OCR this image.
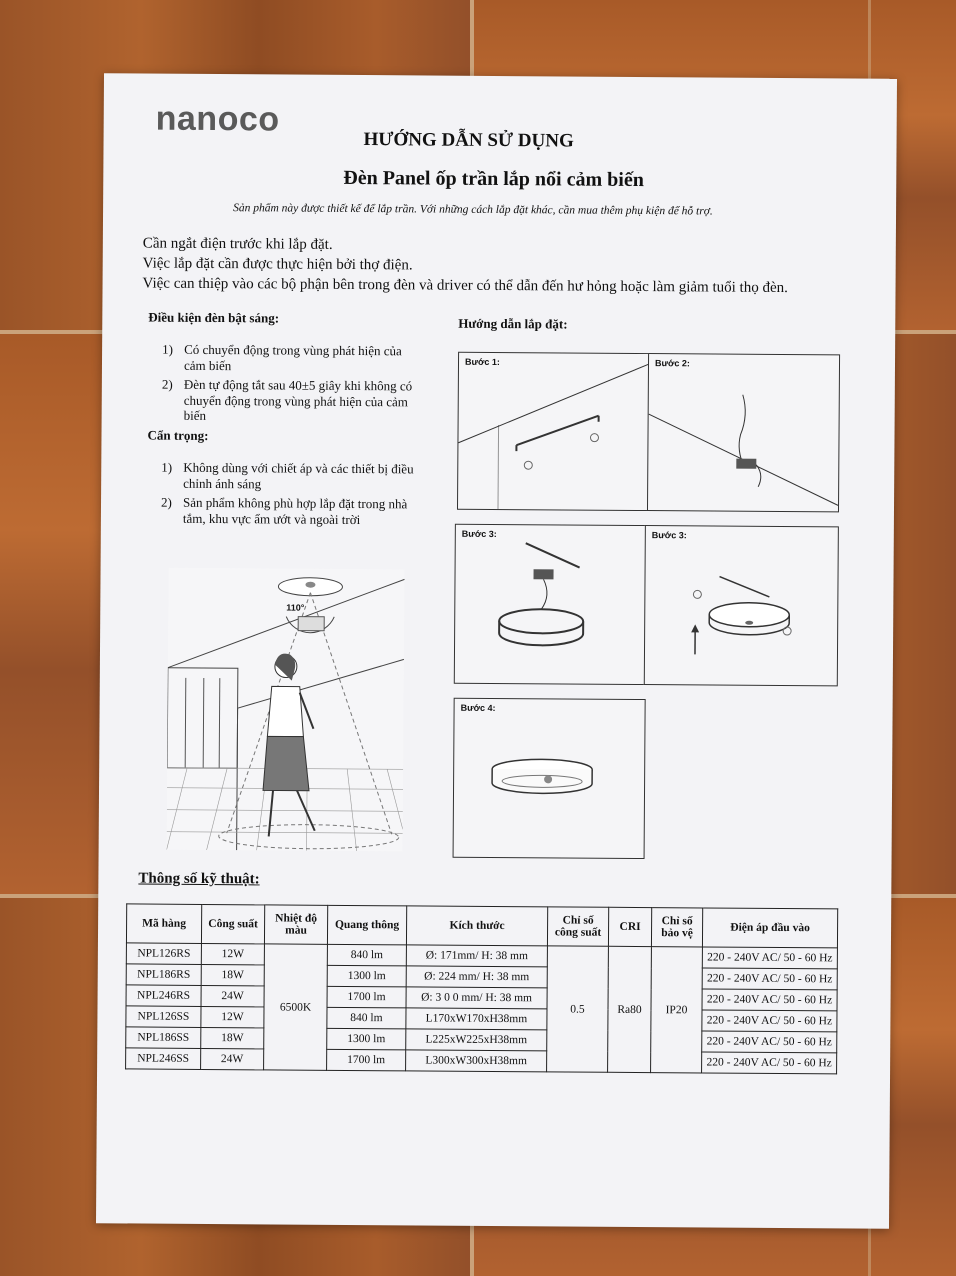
nanoco
HƯỚNG DẪN SỬ DỤNG
Đèn Panel ốp trần lắp nổi cảm biến
Sản phẩm này được thiết kế để lắp trần. Với những cách lắp đặt khác, cần mua thêm phụ kiện để hỗ trợ.
Cần ngắt điện trước khi lắp đặt.
Việc lắp đặt cần được thực hiện bởi thợ điện.
Việc can thiệp vào các bộ phận bên trong đèn và driver có thể dẫn đến hư hỏng hoặc làm giảm tuổi thọ đèn.
Điều kiện đèn bật sáng:
1) Có chuyển động trong vùng phát hiện của cảm biến
2) Đèn tự động tắt sau 40±5 giây khi không có chuyển động trong vùng phát hiện của cảm biến
Cẩn trọng:
1) Không dùng với chiết áp và các thiết bị điều chỉnh ánh sáng
2) Sản phẩm không phù hợp lắp đặt trong nhà tắm, khu vực ẩm ướt và ngoài trời
110°
Hướng dẫn lắp đặt:
Bước 1:	Bước 2:
Bước 3:	Bước 3:
Bước 4:
Thông số kỹ thuật:
Mã hàng	Công suất	Nhiệt độ màu	Quang thông	Kích thước	Chỉ số công suất	CRI	Chỉ số bảo vệ	Điện áp đầu vào
NPL126RS	12W	6500K	840 lm	Ø: 171mm/ H: 38 mm	0.5	Ra80	IP20	220 - 240V AC/ 50 - 60 Hz
NPL186RS	18W		1300 lm	Ø: 224 mm/ H: 38 mm				220 - 240V AC/ 50 - 60 Hz
NPL246RS	24W		1700 lm	Ø: 3 0 0 mm/ H: 38 mm				220 - 240V AC/ 50 - 60 Hz
NPL126SS	12W		840 lm	L170xW170xH38mm				220 - 240V AC/ 50 - 60 Hz
NPL186SS	18W		1300 lm	L225xW225xH38mm				220 - 240V AC/ 50 - 60 Hz
NPL246SS	24W		1700 lm	L300xW300xH38mm				220 - 240V AC/ 50 - 60 Hz
